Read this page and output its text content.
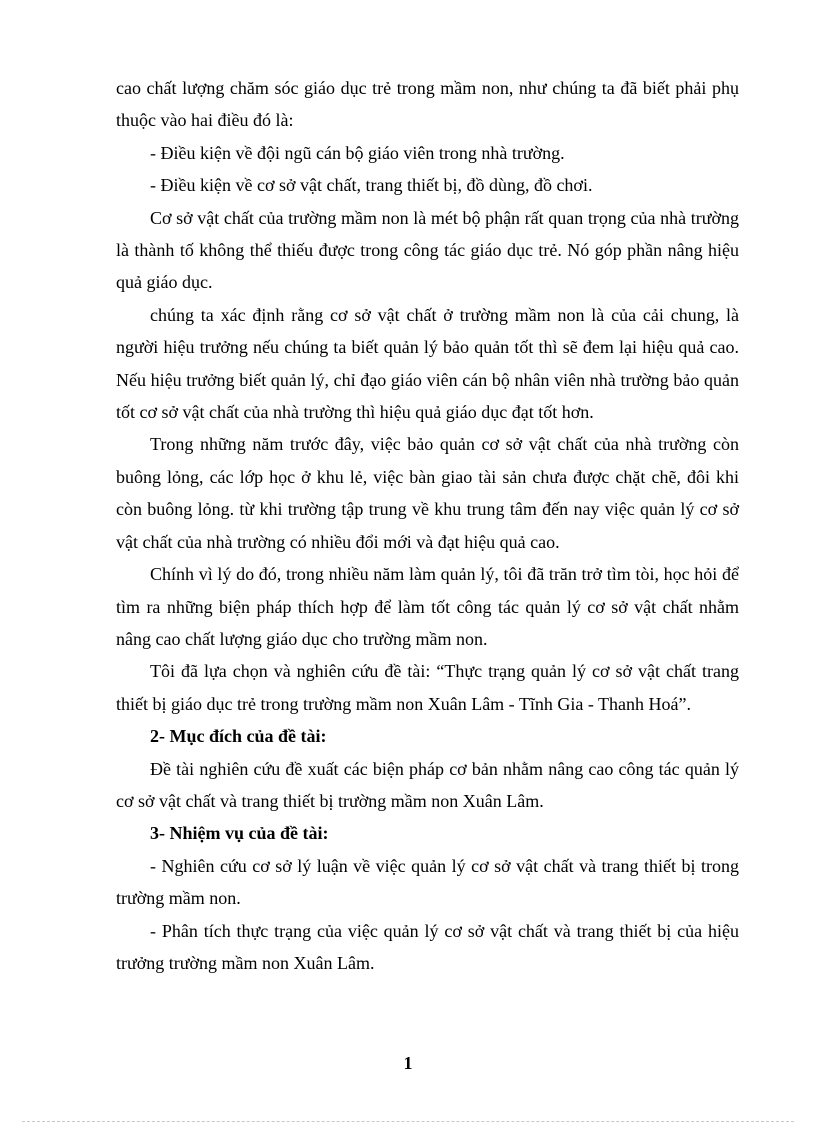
cao chất lượng chăm sóc giáo dục trẻ trong mầm non, như chúng ta đã biết phải phụ thuộc vào hai điều đó là:

- Điều kiện về đội ngũ cán bộ giáo viên trong nhà trường.

- Điều kiện về cơ sở vật chất, trang thiết bị, đồ dùng, đồ chơi.

Cơ sở vật chất của trường mầm non là mét bộ phận rất quan trọng của nhà trường là thành tố không thể thiếu được trong công tác giáo dục trẻ. Nó góp phần nâng hiệu quả giáo dục.

chúng ta xác định rằng cơ sở vật chất ở trường mầm non là của cải chung, là người hiệu trưởng nếu chúng ta biết quản lý bảo quản tốt thì sẽ đem lại hiệu quả cao. Nếu hiệu trưởng biết quản lý, chỉ đạo giáo viên cán bộ nhân viên nhà trường bảo quản tốt cơ sở vật chất của nhà trường thì hiệu quả giáo dục đạt tốt hơn.

Trong những năm trước đây, việc bảo quản cơ sở vật chất của nhà trường còn buông lỏng, các lớp học ở khu lẻ, việc bàn giao tài sản chưa được chặt chẽ, đôi khi còn buông lỏng. từ khi trường tập trung về khu trung tâm đến nay việc quản lý cơ sở vật chất của nhà trường có nhiều đổi mới và đạt hiệu quả cao.

Chính vì lý do đó, trong nhiều năm làm quản lý, tôi đã trăn trở tìm tòi, học hỏi để tìm ra những biện pháp thích hợp để làm tốt công tác quản lý cơ sở vật chất nhằm nâng cao chất lượng giáo dục cho trường mầm non.

Tôi đã lựa chọn và nghiên cứu đề tài: “Thực trạng quản lý cơ sở vật chất trang thiết bị giáo dục trẻ trong trường mầm non Xuân Lâm - Tĩnh Gia - Thanh Hoá”.

2- Mục đích của đề tài:

Đề tài nghiên cứu đề xuất các biện pháp cơ bản nhằm nâng cao công tác quản lý cơ sở vật chất và trang thiết bị trường mầm non Xuân Lâm.

3- Nhiệm vụ của đề tài:

- Nghiên cứu cơ sở lý luận về việc quản lý cơ sở vật chất và trang thiết bị trong trường mầm non.

- Phân tích thực trạng của việc quản lý cơ sở vật chất và trang thiết bị của hiệu trưởng trường mầm non Xuân Lâm.

1
